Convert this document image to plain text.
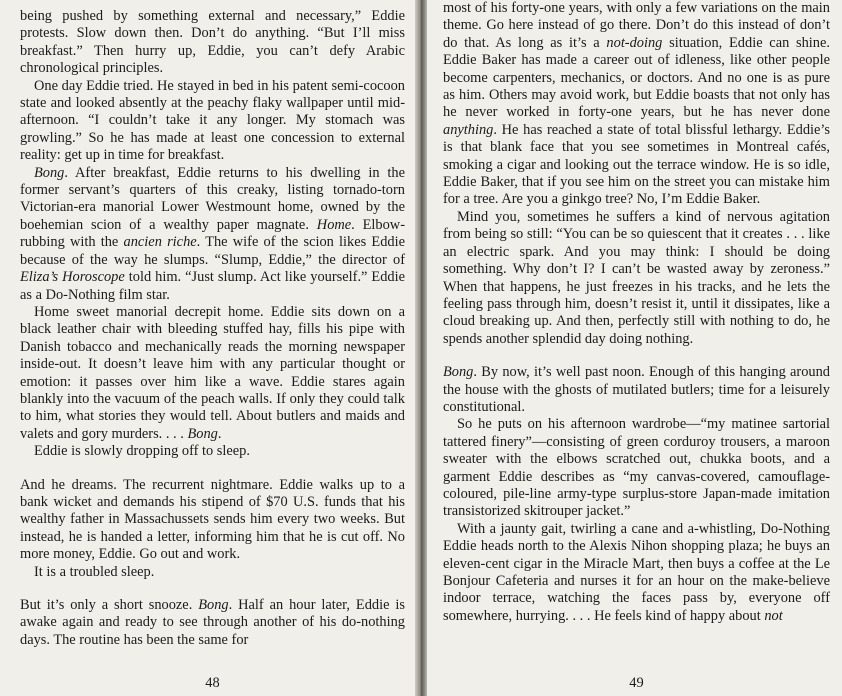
being pushed by something external and necessary,” Eddie protests. Slow down then. Don’t do anything. “But I’ll miss breakfast.” Then hurry up, Eddie, you can’t defy Arabic chronological principles.

One day Eddie tried. He stayed in bed in his patent semi-cocoon state and looked absently at the peachy flaky wallpaper until mid-afternoon. “I couldn’t take it any longer. My stomach was growling.” So he has made at least one concession to external reality: get up in time for breakfast.

Bong. After breakfast, Eddie returns to his dwelling in the former servant’s quarters of this creaky, listing tornado-torn Victorian-era manorial Lower Westmount home, owned by the boehemian scion of a wealthy paper magnate. Home. Elbow-rubbing with the ancien riche. The wife of the scion likes Eddie because of the way he slumps. “Slump, Eddie,” the director of Eliza’s Horoscope told him. “Just slump. Act like yourself.” Eddie as a Do-Nothing film star.

Home sweet manorial decrepit home. Eddie sits down on a black leather chair with bleeding stuffed hay, fills his pipe with Danish tobacco and mechanically reads the morning newspaper inside-out. It doesn’t leave him with any particular thought or emotion: it passes over him like a wave. Eddie stares again blankly into the vacuum of the peach walls. If only they could talk to him, what stories they would tell. About butlers and maids and valets and gory murders. . . . Bong.

Eddie is slowly dropping off to sleep.

And he dreams. The recurrent nightmare. Eddie walks up to a bank wicket and demands his stipend of $70 U.S. funds that his wealthy father in Massachussets sends him every two weeks. But instead, he is handed a letter, informing him that he is cut off. No more money, Eddie. Go out and work.

It is a troubled sleep.

But it’s only a short snooze. Bong. Half an hour later, Eddie is awake again and ready to see through another of his do-nothing days. The routine has been the same for

48

most of his forty-one years, with only a few variations on the main theme. Go here instead of go there. Don’t do this instead of don’t do that. As long as it’s a not-doing situation, Eddie can shine. Eddie Baker has made a career out of idleness, like other people become carpenters, mechanics, or doctors. And no one is as pure as him. Others may avoid work, but Eddie boasts that not only has he never worked in forty-one years, but he has never done anything. He has reached a state of total blissful lethargy. Eddie’s is that blank face that you see sometimes in Montreal cafés, smoking a cigar and looking out the terrace window. He is so idle, Eddie Baker, that if you see him on the street you can mistake him for a tree. Are you a ginkgo tree? No, I’m Eddie Baker.

Mind you, sometimes he suffers a kind of nervous agitation from being so still: “You can be so quiescent that it creates . . . like an electric spark. And you may think: I should be doing something. Why don’t I? I can’t be wasted away by zeroness.” When that happens, he just freezes in his tracks, and he lets the feeling pass through him, doesn’t resist it, until it dissipates, like a cloud breaking up. And then, perfectly still with nothing to do, he spends another splendid day doing nothing.

Bong. By now, it’s well past noon. Enough of this hanging around the house with the ghosts of mutilated butlers; time for a leisurely constitutional.

So he puts on his afternoon wardrobe—“my matinee sartorial tattered finery”—consisting of green corduroy trousers, a maroon sweater with the elbows scratched out, chukka boots, and a garment Eddie describes as “my canvas-covered, camouflage-coloured, pile-line army-type surplus-store Japan-made imitation transistorized skitrouper jacket.”

With a jaunty gait, twirling a cane and a-whistling, Do-Nothing Eddie heads north to the Alexis Nihon shopping plaza; he buys an eleven-cent cigar in the Miracle Mart, then buys a coffee at the Le Bonjour Cafeteria and nurses it for an hour on the make-believe indoor terrace, watching the faces pass by, everyone off somewhere, hurrying. . . . He feels kind of happy about not

49
